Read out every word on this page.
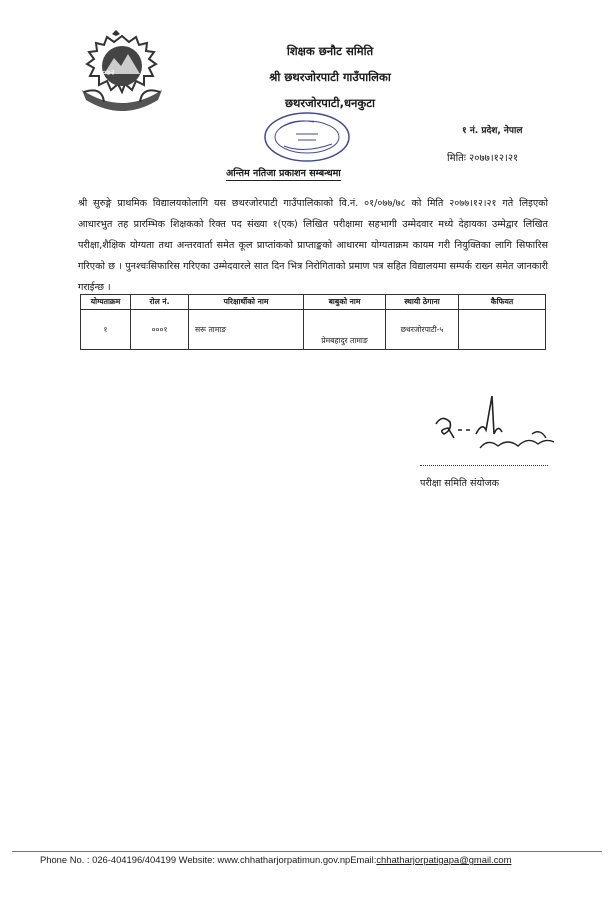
२०७२
शिक्षक छनौट समिति
श्री छथरजोरपाटी गाउँपालिका
छथरजोरपाटी,धनकुटा
१ नं. प्रदेश, नेपाल
मितिः २०७७।१२।२१
अन्तिम नतिजा प्रकाशन सम्बन्धमा
श्री सुरुङ्गे प्राथमिक विद्यालयकोलागि यस छथरजोरपाटी गाउँपालिकाको वि.नं. ०१/०७७/७८ को मिति २०७७।१२।२१ गते लिइएको आधारभुत तह प्रारम्भिक शिक्षकको रिक्त पद संख्या १(एक) लिखित परीक्षामा सहभागी उम्मेदवार मध्ये देहायका उम्मेद्वार लिखित परीक्षा,शैक्षिक योग्यता तथा अन्तरवार्ता समेत कूल प्राप्तांकको प्राप्ताङ्कको आधारमा योग्यताक्रम कायम गरी नियुक्तिका लागि सिफारिस गरिएको छ । पुनश्चःसिफारिस गरिएका उम्मेदवारले सात दिन भित्र निरोगिताको प्रमाण पत्र सहित विद्यालयमा सम्पर्क राख्न समेत जानकारी गराईन्छ ।
योग्यताक्रम	रोल नं.	परिक्षार्थीको नाम	बाबुको नाम	स्थायी ठेगाना	कैफियत
१	०००१	सरू तामाङ	प्रेमबहादुर तामाङ	छथरजोरपाटी-५	
परीक्षा समिति संयोजक
Phone No. : 026-404196/404199 Website: www.chhatharjorpatimun.gov.npEmail:chhatharjorpatigapa@gmail.com
